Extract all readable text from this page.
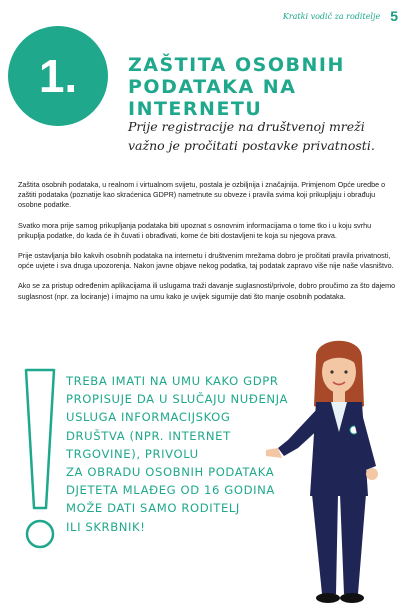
Kratki vodič za roditelje 5
1.	ZAŠTITA OSOBNIH PODATAKA NA INTERNETU
Prije registracije na društvenoj mreži važno je pročitati postavke privatnosti.

Zaštita osobnih podataka, u realnom i virtualnom svijetu, postala je ozbiljnija i značajnija. Primjenom Opće uredbe o zaštiti podataka (poznatije kao skraćenica GDPR) nametnute su obveze i pravila svima koji prikupljaju i obrađuju osobne podatke.

Svatko mora prije samog prikupljanja podataka biti upoznat s osnovnim informacijama o tome tko i u koju svrhu prikuplja podatke, do kada će ih čuvati i obrađivati, kome će biti dostavljeni te koja su njegova prava.

Prije ostavljanja bilo kakvih osobnih podataka na internetu i društvenim mrežama dobro je pročitati pravila privatnosti, opće uvjete i sva druga upozorenja. Nakon javne objave nekog podatka, taj podatak zapravo više nije naše vlasništvo.

Ako se za pristup određenim aplikacijama ili uslugama traži davanje suglasnosti/privole, dobro proučimo za što dajemo suglasnost (npr. za lociranje) i imajmo na umu kako je uvijek sigurnije dati što manje osobnih podataka.

TREBA IMATI NA UMU KAKO GDPR
PROPISUJE DA U SLUČAJU NUĐENJA
USLUGA INFORMACIJSKOG
DRUŠTVA (NPR. INTERNET
TRGOVINE), PRIVOLU
ZA OBRADU OSOBNIH PODATAKA
DJETETA MLAĐEG OD 16 GODINA
MOŽE DATI SAMO RODITELJ
ILI SKRBNIK!
